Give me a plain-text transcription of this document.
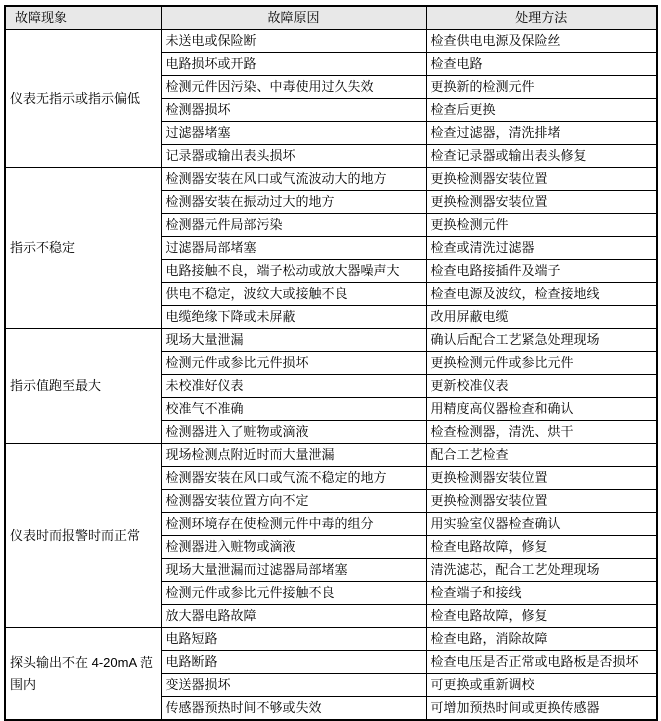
故障现象	故障原因	处理方法
仪表无指示或指示偏低	未送电或保险断	检查供电电源及保险丝
	电路损坏或开路	检查电路
	检测元件因污染、中毒使用过久失效	更换新的检测元件
	检测器损坏	检查后更换
	过滤器堵塞	检查过滤器，清洗排堵
	记录器或输出表头损坏	检查记录器或输出表头修复
指示不稳定	检测器安装在风口或气流波动大的地方	更换检测器安装位置
	检测器安装在振动过大的地方	更换检测器安装位置
	检测器元件局部污染	更换检测元件
	过滤器局部堵塞	检查或清洗过滤器
	电路接触不良，端子松动或放大器噪声大	检查电路接插件及端子
	供电不稳定，波纹大或接触不良	检查电源及波纹，检查接地线
	电缆绝缘下降或未屏蔽	改用屏蔽电缆
指示值跑至最大	现场大量泄漏	确认后配合工艺紧急处理现场
	检测元件或参比元件损坏	更换检测元件或参比元件
	未校准好仪表	更新校准仪表
	校准气不准确	用精度高仪器检查和确认
	检测器进入了赃物或滴液	检查检测器，清洗、烘干
仪表时而报警时而正常	现场检测点附近时而大量泄漏	配合工艺检查
	检测器安装在风口或气流不稳定的地方	更换检测器安装位置
	检测器安装位置方向不定	更换检测器安装位置
	检测环境存在使检测元件中毒的组分	用实验室仪器检查确认
	检测器进入赃物或滴液	检查电路故障，修复
	现场大量泄漏而过滤器局部堵塞	清洗滤芯，配合工艺处理现场
	检测元件或参比元件接触不良	检查端子和接线
	放大器电路故障	检查电路故障，修复
探头输出不在 4-20mA 范围内	电路短路	检查电路，消除故障
	电路断路	检查电压是否正常或电路板是否损坏
	变送器损坏	可更换或重新调校
	传感器预热时间不够或失效	可增加预热时间或更换传感器
